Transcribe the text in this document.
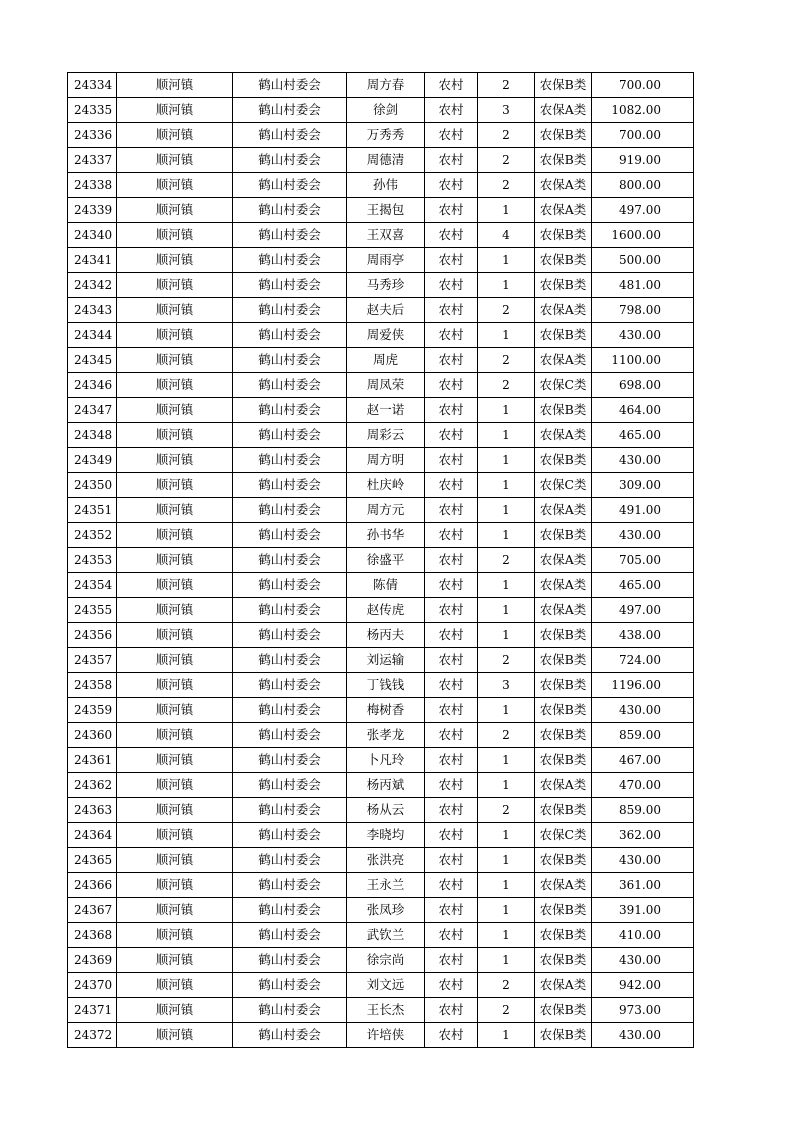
24334	顺河镇	鹤山村委会	周方春	农村	2	农保B类	700.00
24335	顺河镇	鹤山村委会	徐剑	农村	3	农保A类	1082.00
24336	顺河镇	鹤山村委会	万秀秀	农村	2	农保B类	700.00
24337	顺河镇	鹤山村委会	周德清	农村	2	农保B类	919.00
24338	顺河镇	鹤山村委会	孙伟	农村	2	农保A类	800.00
24339	顺河镇	鹤山村委会	王揭包	农村	1	农保A类	497.00
24340	顺河镇	鹤山村委会	王双喜	农村	4	农保B类	1600.00
24341	顺河镇	鹤山村委会	周雨亭	农村	1	农保B类	500.00
24342	顺河镇	鹤山村委会	马秀珍	农村	1	农保B类	481.00
24343	顺河镇	鹤山村委会	赵夫后	农村	2	农保A类	798.00
24344	顺河镇	鹤山村委会	周爱侠	农村	1	农保B类	430.00
24345	顺河镇	鹤山村委会	周虎	农村	2	农保A类	1100.00
24346	顺河镇	鹤山村委会	周凤荣	农村	2	农保C类	698.00
24347	顺河镇	鹤山村委会	赵一诺	农村	1	农保B类	464.00
24348	顺河镇	鹤山村委会	周彩云	农村	1	农保A类	465.00
24349	顺河镇	鹤山村委会	周方明	农村	1	农保B类	430.00
24350	顺河镇	鹤山村委会	杜庆岭	农村	1	农保C类	309.00
24351	顺河镇	鹤山村委会	周方元	农村	1	农保A类	491.00
24352	顺河镇	鹤山村委会	孙书华	农村	1	农保B类	430.00
24353	顺河镇	鹤山村委会	徐盛平	农村	2	农保A类	705.00
24354	顺河镇	鹤山村委会	陈倩	农村	1	农保A类	465.00
24355	顺河镇	鹤山村委会	赵传虎	农村	1	农保A类	497.00
24356	顺河镇	鹤山村委会	杨丙夫	农村	1	农保B类	438.00
24357	顺河镇	鹤山村委会	刘运输	农村	2	农保B类	724.00
24358	顺河镇	鹤山村委会	丁钱钱	农村	3	农保B类	1196.00
24359	顺河镇	鹤山村委会	梅树香	农村	1	农保B类	430.00
24360	顺河镇	鹤山村委会	张孝龙	农村	2	农保B类	859.00
24361	顺河镇	鹤山村委会	卜凡玲	农村	1	农保B类	467.00
24362	顺河镇	鹤山村委会	杨丙斌	农村	1	农保A类	470.00
24363	顺河镇	鹤山村委会	杨从云	农村	2	农保B类	859.00
24364	顺河镇	鹤山村委会	李晓均	农村	1	农保C类	362.00
24365	顺河镇	鹤山村委会	张洪亮	农村	1	农保B类	430.00
24366	顺河镇	鹤山村委会	王永兰	农村	1	农保A类	361.00
24367	顺河镇	鹤山村委会	张凤珍	农村	1	农保B类	391.00
24368	顺河镇	鹤山村委会	武钦兰	农村	1	农保B类	410.00
24369	顺河镇	鹤山村委会	徐宗尚	农村	1	农保B类	430.00
24370	顺河镇	鹤山村委会	刘文远	农村	2	农保A类	942.00
24371	顺河镇	鹤山村委会	王长杰	农村	2	农保B类	973.00
24372	顺河镇	鹤山村委会	许培侠	农村	1	农保B类	430.00
